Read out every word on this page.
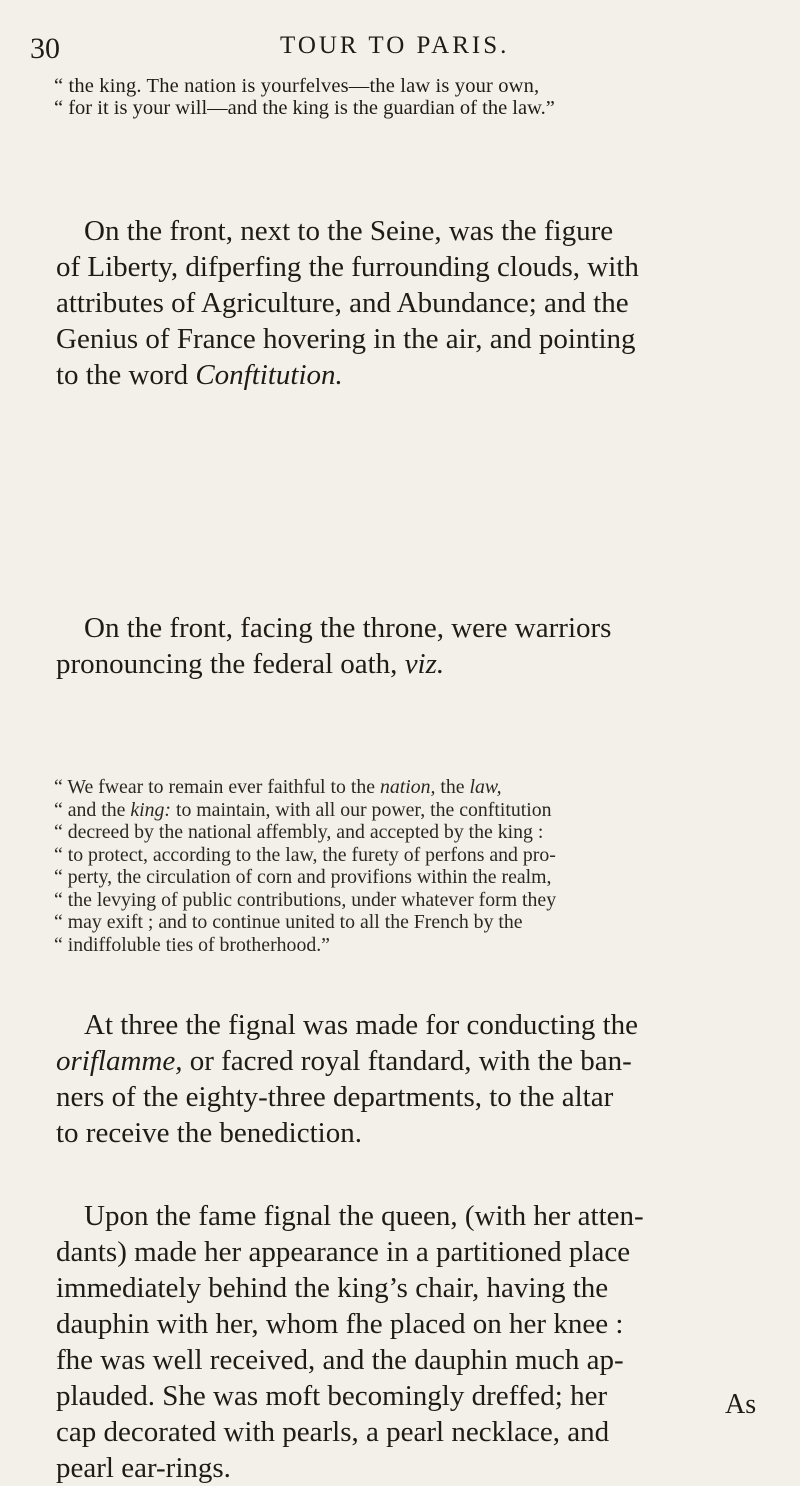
30	TOUR TO PARIS.
“ the king. The nation is yourfelves—the law is your own,
“ for it is your will—and the king is the guardian of the law.”
On the front, next to the Seine, was the figure
of Liberty, difperfing the furrounding clouds, with
attributes of Agriculture, and Abundance; and the
Genius of France hovering in the air, and pointing
to the word Conftitution.
On the front, facing the throne, were warriors
pronouncing the federal oath, viz.
“ We fwear to remain ever faithful to the nation, the law,
“ and the king: to maintain, with all our power, the conftitution
“ decreed by the national affembly, and accepted by the king :
“ to protect, according to the law, the furety of perfons and pro-
“ perty, the circulation of corn and provifions within the realm,
“ the levying of public contributions, under whatever form they
“ may exift ; and to continue united to all the French by the
“ indiffoluble ties of brotherhood.”
At three the fignal was made for conducting the
oriflamme, or facred royal ftandard, with the ban-
ners of the eighty-three departments, to the altar
to receive the benediction.
Upon the fame fignal the queen, (with her atten-
dants) made her appearance in a partitioned place
immediately behind the king’s chair, having the
dauphin with her, whom fhe placed on her knee :
fhe was well received, and the dauphin much ap-
plauded. She was moft becomingly dreffed; her
cap decorated with pearls, a pearl necklace, and
pearl ear-rings.
As
